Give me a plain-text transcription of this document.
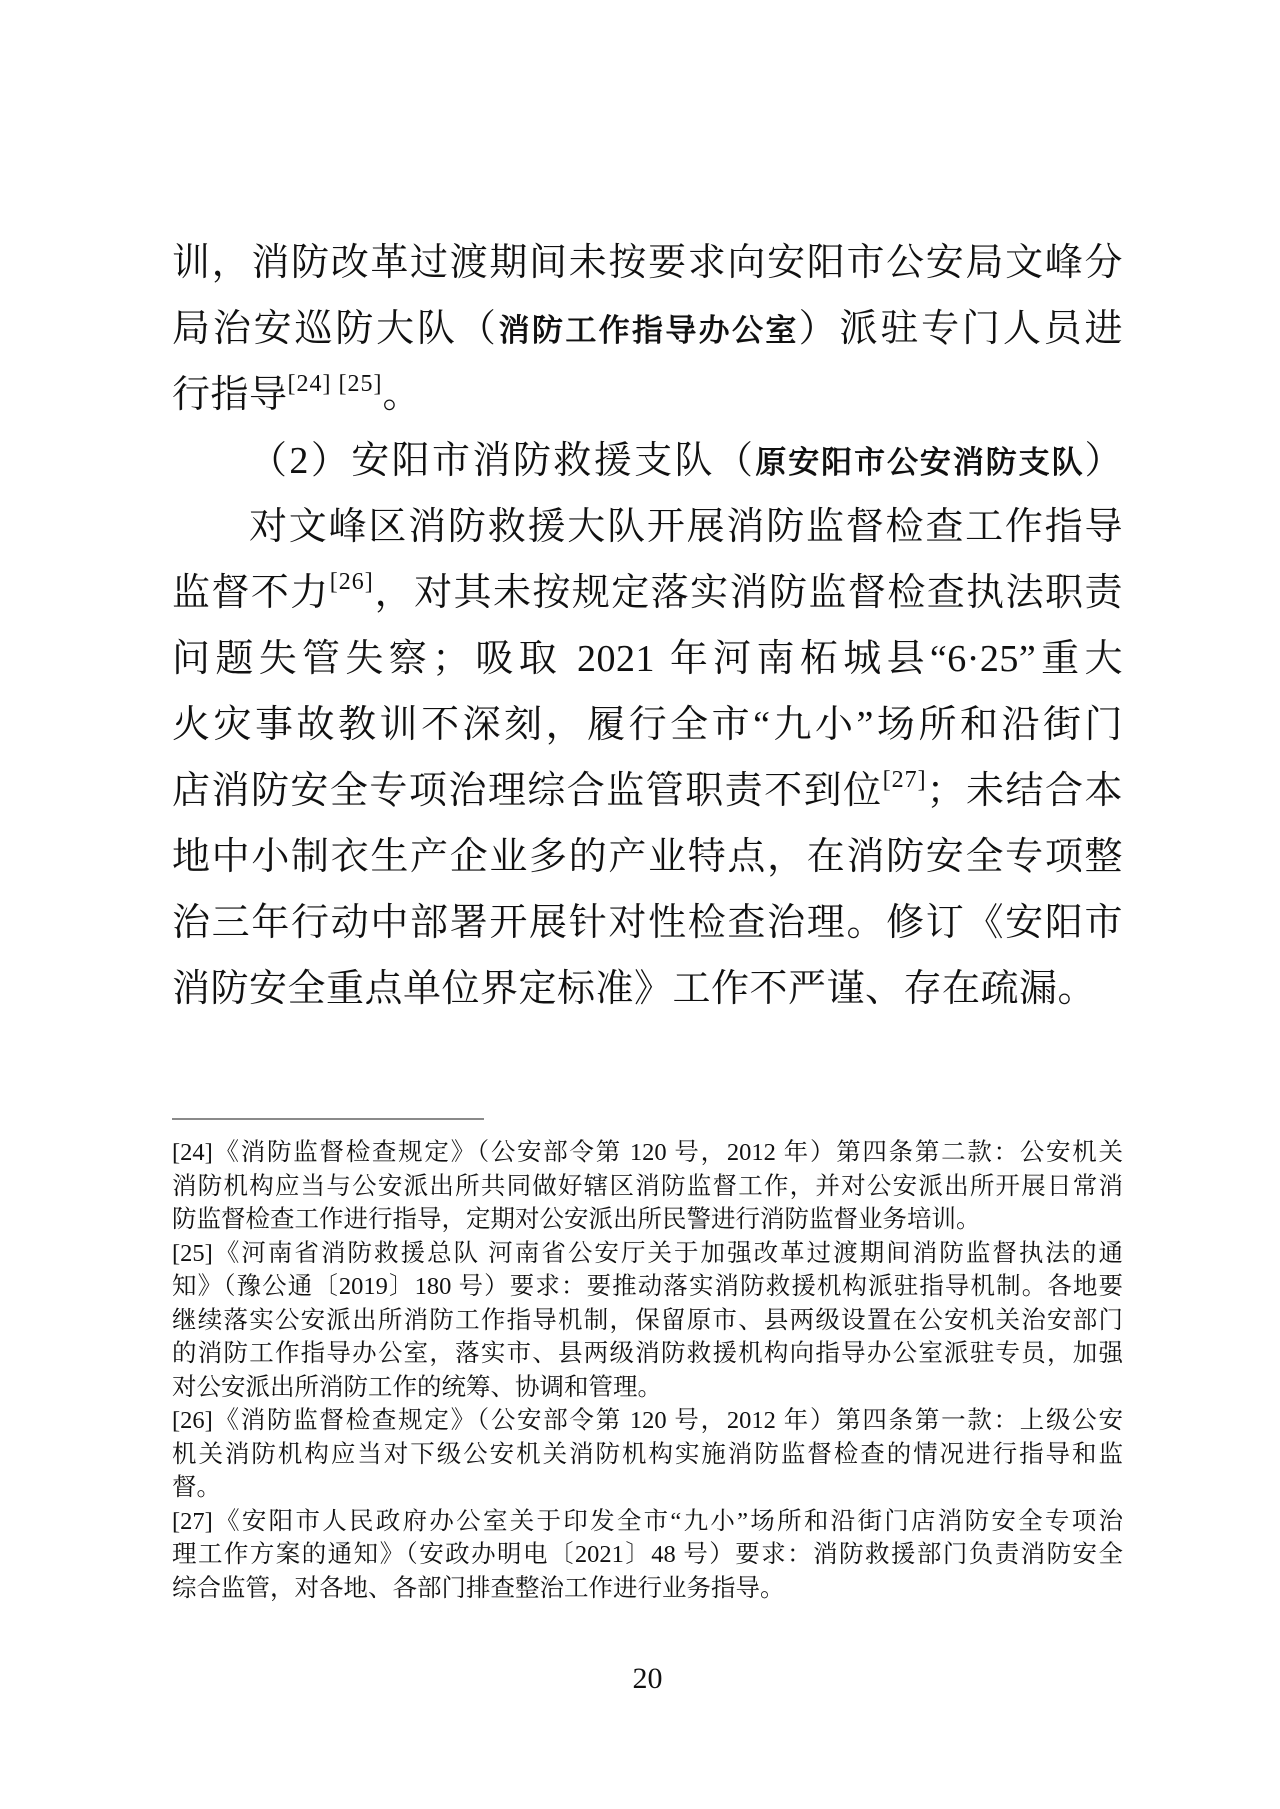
训，消防改革过渡期间未按要求向安阳市公安局文峰分
局治安巡防大队（消防工作指导办公室）派驻专门人员进
行指导[24] [25]。
（2）安阳市消防救援支队（原安阳市公安消防支队）
对文峰区消防救援大队开展消防监督检查工作指导
监督不力[26]，对其未按规定落实消防监督检查执法职责
问题失管失察；吸取 2021 年河南柘城县“6·25”重大
火灾事故教训不深刻，履行全市“九小”场所和沿街门
店消防安全专项治理综合监管职责不到位[27]；未结合本
地中小制衣生产企业多的产业特点，在消防安全专项整
治三年行动中部署开展针对性检查治理。修订《安阳市
消防安全重点单位界定标准》工作不严谨、存在疏漏。
[24]《消防监督检查规定》（公安部令第 120 号，2012 年）第四条第二款：公安机关
消防机构应当与公安派出所共同做好辖区消防监督工作，并对公安派出所开展日常消
防监督检查工作进行指导，定期对公安派出所民警进行消防监督业务培训。
[25]《河南省消防救援总队 河南省公安厅关于加强改革过渡期间消防监督执法的通
知》（豫公通〔2019〕180 号）要求：要推动落实消防救援机构派驻指导机制。各地要
继续落实公安派出所消防工作指导机制，保留原市、县两级设置在公安机关治安部门
的消防工作指导办公室，落实市、县两级消防救援机构向指导办公室派驻专员，加强
对公安派出所消防工作的统筹、协调和管理。
[26]《消防监督检查规定》（公安部令第 120 号，2012 年）第四条第一款：上级公安
机关消防机构应当对下级公安机关消防机构实施消防监督检查的情况进行指导和监
督。
[27]《安阳市人民政府办公室关于印发全市“九小”场所和沿街门店消防安全专项治
理工作方案的通知》（安政办明电〔2021〕48 号）要求：消防救援部门负责消防安全
综合监管，对各地、各部门排查整治工作进行业务指导。
20
